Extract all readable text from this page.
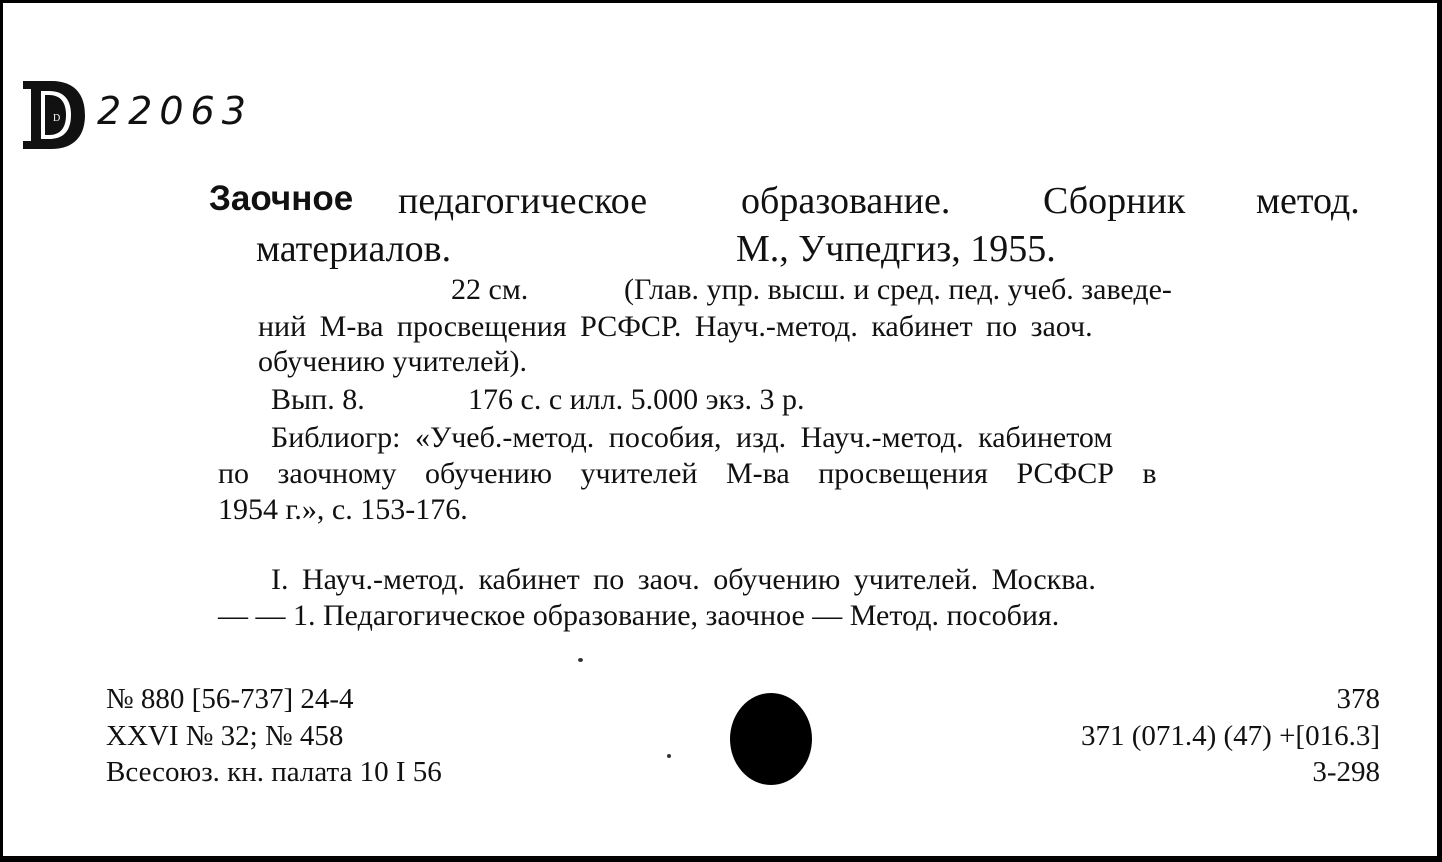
D 22063
Заочное педагогическое образование. Сборник метод.
материалов.	М., Учпедгиз, 1955.
22 см.	(Глав. упр. высш. и сред. пед. учеб. заведе-
ний М-ва просвещения РСФСР. Науч.-метод. кабинет по заоч.
обучению учителей).
Вып. 8.	176 с. с илл. 5.000 экз. 3 р.
Библиогр: «Учеб.-метод. пособия, изд. Науч.-метод. кабинетом
по заочному обучению учителей М-ва просвещения РСФСР в
1954 г.», с. 153-176.
I. Науч.-метод. кабинет по заоч. обучению учителей. Москва.
— — 1. Педагогическое образование, заочное — Метод. пособия.
№ 880 [56-737] 24-4
XXVI № 32; № 458
Всесоюз. кн. палата 10 I 56
378
371 (071.4) (47) +[016.3]
3-298
